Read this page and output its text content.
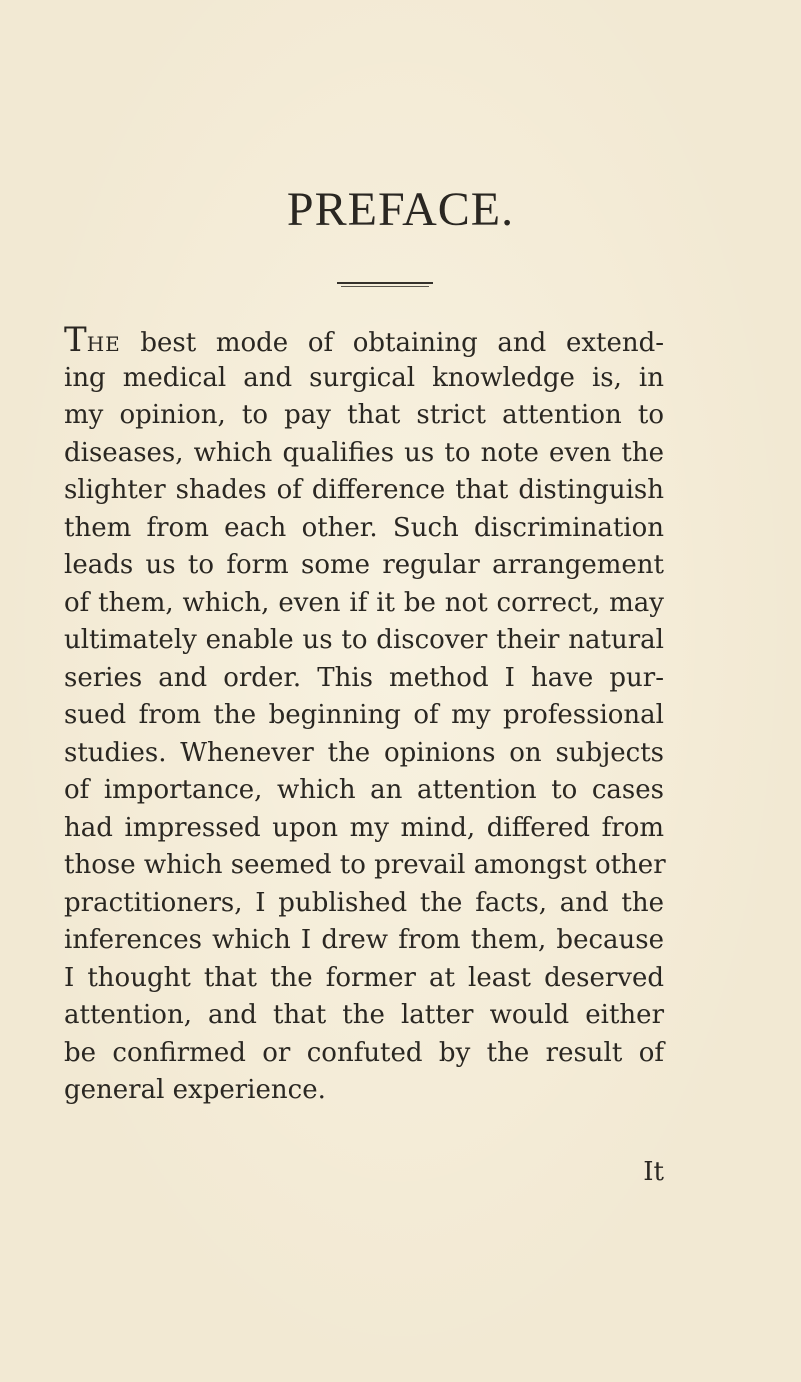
PREFACE.
THE best mode of obtaining and extend-
ing medical and surgical knowledge is, in
my opinion, to pay that strict attention to
diseases, which qualifies us to note even the
slighter shades of difference that distinguish
them from each other. Such discrimination
leads us to form some regular arrangement
of them, which, even if it be not correct, may
ultimately enable us to discover their natural
series and order. This method I have pur-
sued from the beginning of my professional
studies. Whenever the opinions on subjects
of importance, which an attention to cases
had impressed upon my mind, differed from
those which seemed to prevail amongst other
practitioners, I published the facts, and the
inferences which I drew from them, because
I thought that the former at least deserved
attention, and that the latter would either
be confirmed or confuted by the result of
general experience.
It
